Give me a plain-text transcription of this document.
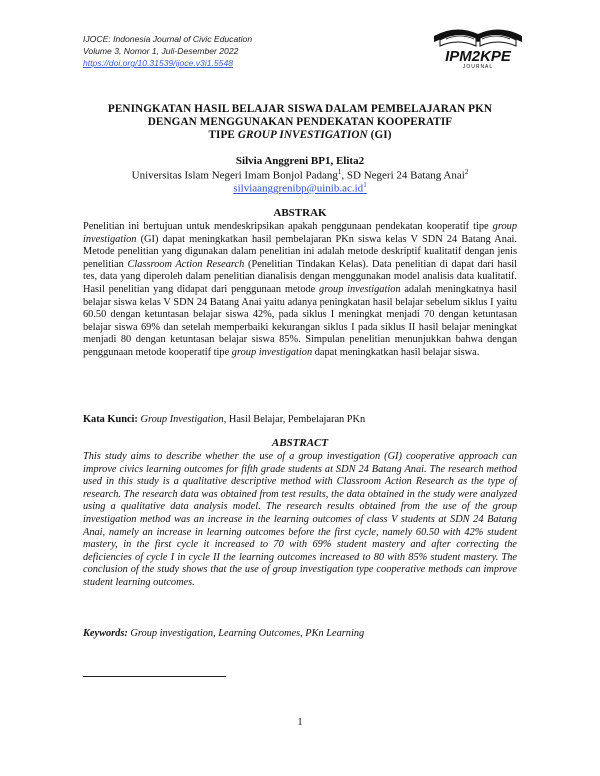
IJOCE: Indonesia Journal of Civic Education
Volume 3, Nomor 1, Juli-Desember 2022
https://doi.org/10.31539/ijoce.v3i1.5548	IPM2KPE
JOURNAL
PENINGKATAN HASIL BELAJAR SISWA DALAM PEMBELAJARAN PKN
DENGAN MENGGUNAKAN PENDEKATAN KOOPERATIF
TIPE GROUP INVESTIGATION (GI)
Silvia Anggreni BP1, Elita2
Universitas Islam Negeri Imam Bonjol Padang$^1$, SD Negeri 24 Batang Anai$^2$
$silviaanggrenibp@uinib.ac.id^1$
ABSTRAK
Penelitian ini bertujuan untuk mendeskripsikan apakah penggunaan pendekatan kooperatif tipe group investigation (GI) dapat meningkatkan hasil pembelajaran PKn siswa kelas V SDN 24 Batang Anai. Metode penelitian yang digunakan dalam penelitian ini adalah metode deskriptif kualitatif dengan jenis penelitian Classroom Action Research (Penelitian Tindakan Kelas). Data penelitian di dapat dari hasil tes, data yang diperoleh dalam penelitian dianalisis dengan menggunakan model analisis data kualitatif. Hasil penelitian yang didapat dari penggunaan metode group investigation adalah meningkatnya hasil belajar siswa kelas V SDN 24 Batang Anai yaitu adanya peningkatan hasil belajar sebelum siklus I yaitu 60.50 dengan ketuntasan belajar siswa 42%, pada siklus I meningkat menjadi 70 dengan ketuntasan belajar siswa 69% dan setelah memperbaiki kekurangan siklus I pada siklus II hasil belajar meningkat menjadi 80 dengan ketuntasan belajar siswa 85%. Simpulan penelitian menunjukkan bahwa dengan penggunaan metode kooperatif tipe group investigation dapat meningkatkan hasil belajar siswa.
Kata Kunci: Group Investigation, Hasil Belajar, Pembelajaran PKn
ABSTRACT
This study aims to describe whether the use of a group investigation (GI) cooperative approach can improve civics learning outcomes for fifth grade students at SDN 24 Batang Anai. The research method used in this study is a qualitative descriptive method with Classroom Action Research as the type of research. The research data was obtained from test results, the data obtained in the study were analyzed using a qualitative data analysis model. The research results obtained from the use of the group investigation method was an increase in the learning outcomes of class V students at SDN 24 Batang Anai, namely an increase in learning outcomes before the first cycle, namely 60.50 with 42% student mastery, in the first cycle it increased to 70 with 69% student mastery and after correcting the deficiencies of cycle I in cycle II the learning outcomes increased to 80 with 85% student mastery. The conclusion of the study shows that the use of group investigation type cooperative methods can improve student learning outcomes.
Keywords: Group investigation, Learning Outcomes, PKn Learning
1
